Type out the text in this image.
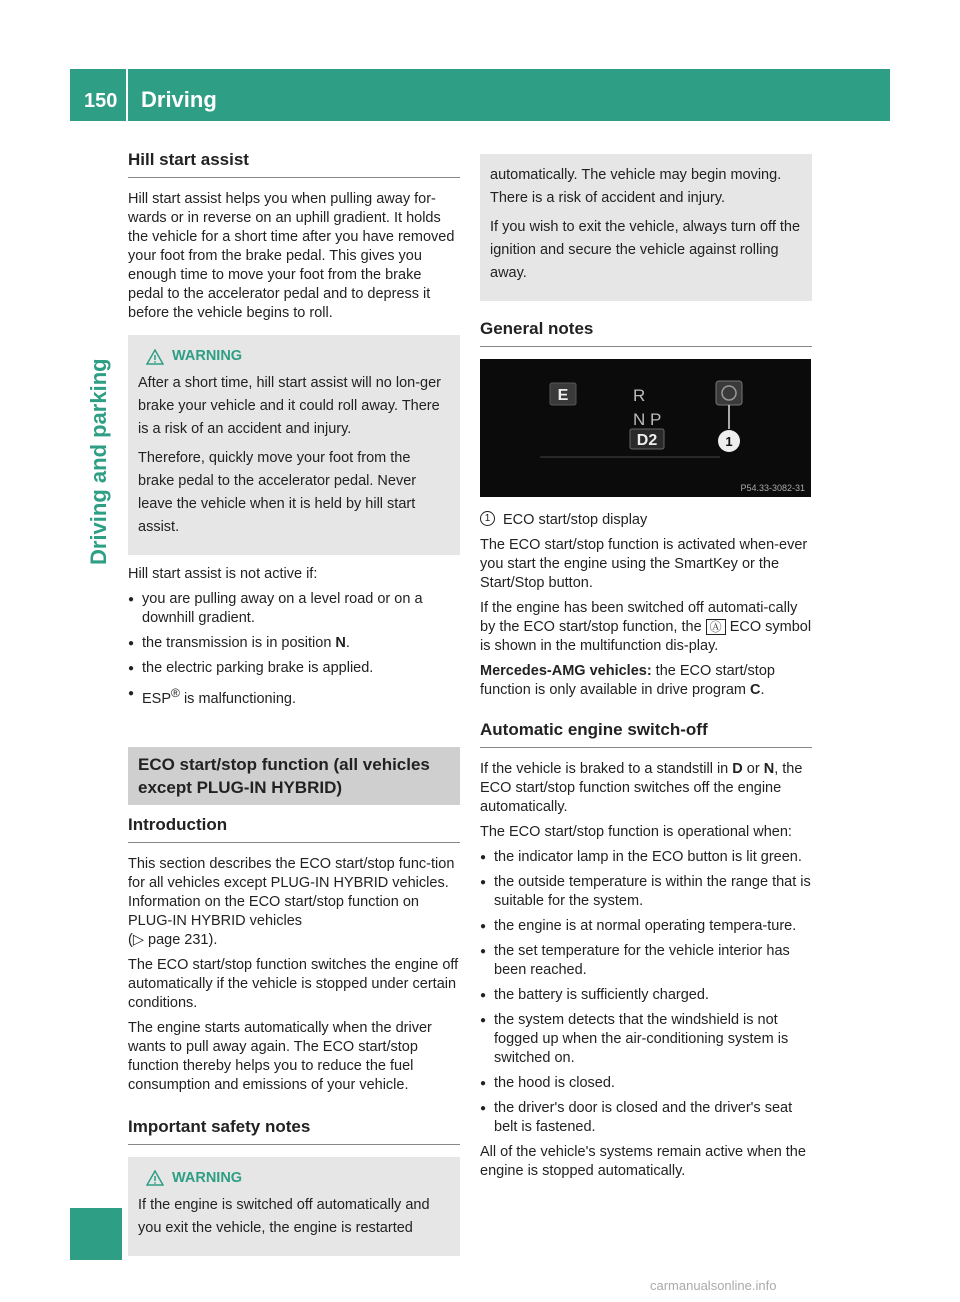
150 Driving
Driving and parking
Hill start assist

Hill start assist helps you when pulling away for-wards or in reverse on an uphill gradient. It holds the vehicle for a short time after you have removed your foot from the brake pedal. This gives you enough time to move your foot from the brake pedal to the accelerator pedal and to depress it before the vehicle begins to roll.

WARNING

After a short time, hill start assist will no lon-ger brake your vehicle and it could roll away. There is a risk of an accident and injury.

Therefore, quickly move your foot from the brake pedal to the accelerator pedal. Never leave the vehicle when it is held by hill start assist.

Hill start assist is not active if:

● you are pulling away on a level road or on a downhill gradient.
● the transmission is in position N.
● the electric parking brake is applied.
● ESP® is malfunctioning.
ECO start/stop function (all vehicles except PLUG-IN HYBRID)
Introduction

This section describes the ECO start/stop func-tion for all vehicles except PLUG-IN HYBRID vehicles. Information on the ECO start/stop function on PLUG-IN HYBRID vehicles
(▷ page 231).

The ECO start/stop function switches the engine off automatically if the vehicle is stopped under certain conditions.

The engine starts automatically when the driver wants to pull away again. The ECO start/stop function thereby helps you to reduce the fuel consumption and emissions of your vehicle.

Important safety notes
WARNING

If the engine is switched off automatically and you exit the vehicle, the engine is restarted

automatically. The vehicle may begin moving. There is a risk of accident and injury.

If you wish to exit the vehicle, always turn off the ignition and secure the vehicle against rolling away.

General notes
E	R
N P
D2	1
P54.33-3082-31

1 ECO start/stop display

The ECO start/stop function is activated when-ever you start the engine using the SmartKey or the Start/Stop button.

If the engine has been switched off automati-cally by the ECO start/stop function, the Ⓐ ECO symbol is shown in the multifunction dis-play.

Mercedes-AMG vehicles: the ECO start/stop function is only available in drive program C.

Automatic engine switch-off

If the vehicle is braked to a standstill in D or N, the ECO start/stop function switches off the engine automatically.

The ECO start/stop function is operational when:

● the indicator lamp in the ECO button is lit green.
● the outside temperature is within the range that is suitable for the system.
● the engine is at normal operating tempera-ture.
● the set temperature for the vehicle interior has been reached.
● the battery is sufficiently charged.
● the system detects that the windshield is not fogged up when the air-conditioning system is switched on.
● the hood is closed.
● the driver's door is closed and the driver's seat belt is fastened.

All of the vehicle's systems remain active when the engine is stopped automatically.

carmanualsonline.info
